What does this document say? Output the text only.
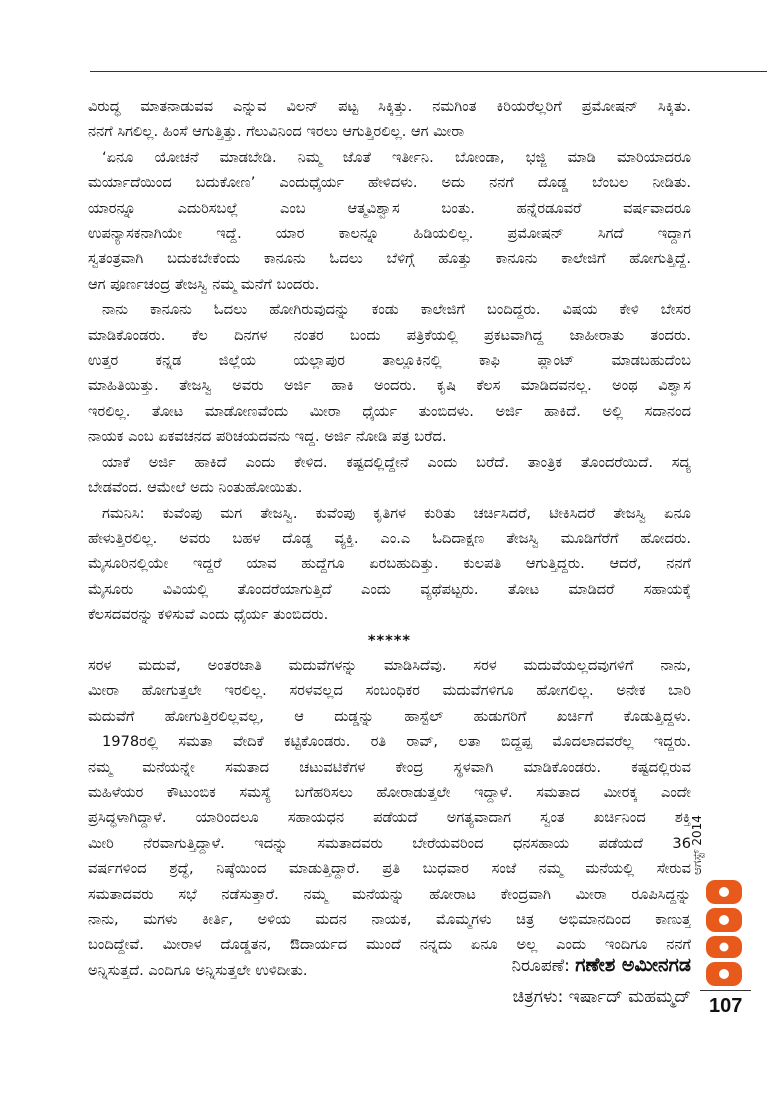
ವಿರುದ್ಧ ಮಾತನಾಡುವವ ಎನ್ನುವ ವಿಲನ್ ಪಟ್ಟ ಸಿಕ್ಕಿತ್ತು. ನಮಗಿಂತ ಕಿರಿಯರೆಲ್ಲರಿಗೆ ಪ್ರಮೋಷನ್ ಸಿಕ್ಕಿತು.
ನನಗೆ ಸಿಗಲಿಲ್ಲ. ಹಿಂಸೆ ಆಗುತ್ತಿತ್ತು. ಗೆಲುವಿನಿಂದ ಇರಲು ಆಗುತ್ತಿರಲಿಲ್ಲ. ಆಗ ಮೀರಾ
‘ಏನೂ ಯೋಚನೆ ಮಾಡಬೇಡಿ. ನಿಮ್ಮ ಜೊತೆ ಇರ್ತೀನಿ. ಬೋಂಡಾ, ಭಜ್ಜಿ ಮಾಡಿ ಮಾರಿಯಾದರೂ
ಮರ್ಯಾದೆಯಿಂದ ಬದುಕೋಣ’ ಎಂದುಧೈರ್ಯ ಹೇಳಿದಳು. ಅದು ನನಗೆ ದೊಡ್ಡ ಬೆಂಬಲ ನೀಡಿತು.
ಯಾರನ್ನೂ ಎದುರಿಸಬಲ್ಲೆ ಎಂಬ ಆತ್ಮವಿಶ್ವಾಸ ಬಂತು. ಹನ್ನೆರಡೂವರೆ ವರ್ಷವಾದರೂ
ಉಪನ್ಯಾಸಕನಾಗಿಯೇ ಇದ್ದೆ. ಯಾರ ಕಾಲನ್ನೂ ಹಿಡಿಯಲಿಲ್ಲ. ಪ್ರಮೋಷನ್ ಸಿಗದೆ ಇದ್ದಾಗ
ಸ್ವತಂತ್ರವಾಗಿ ಬದುಕಬೇಕೆಂದು ಕಾನೂನು ಓದಲು ಬೆಳಿಗ್ಗೆ ಹೊತ್ತು ಕಾನೂನು ಕಾಲೇಜಿಗೆ ಹೋಗುತ್ತಿದ್ದೆ.
ಆಗ ಪೂರ್ಣಚಂದ್ರ ತೇಜಸ್ವಿ ನಮ್ಮ ಮನೆಗೆ ಬಂದರು.
ನಾನು ಕಾನೂನು ಓದಲು ಹೋಗಿರುವುದನ್ನು ಕಂಡು ಕಾಲೇಜಿಗೆ ಬಂದಿದ್ದರು. ವಿಷಯ ಕೇಳಿ ಬೇಸರ
ಮಾಡಿಕೊಂಡರು. ಕೆಲ ದಿನಗಳ ನಂತರ ಬಂದು ಪತ್ರಿಕೆಯಲ್ಲಿ ಪ್ರಕಟವಾಗಿದ್ದ ಜಾಹೀರಾತು ತಂದರು.
ಉತ್ತರ ಕನ್ನಡ ಜಿಲ್ಲೆಯ ಯಲ್ಲಾಪುರ ತಾಲ್ಲೂಕಿನಲ್ಲಿ ಕಾಫಿ ಪ್ಲಾಂಟ್ ಮಾಡಬಹುದೆಂಬ
ಮಾಹಿತಿಯಿತ್ತು. ತೇಜಸ್ವಿ ಅವರು ಅರ್ಜಿ ಹಾಕಿ ಅಂದರು. ಕೃಷಿ ಕೆಲಸ ಮಾಡಿದವನಲ್ಲ. ಅಂಥ ವಿಶ್ವಾಸ
ಇರಲಿಲ್ಲ. ತೋಟ ಮಾಡೋಣವೆಂದು ಮೀರಾ ಧೈರ್ಯ ತುಂಬಿದಳು. ಅರ್ಜಿ ಹಾಕಿದೆ. ಅಲ್ಲಿ ಸದಾನಂದ
ನಾಯಕ ಎಂಬ ಏಕವಚನದ ಪರಿಚಯದವನು ಇದ್ದ. ಅರ್ಜಿ ನೋಡಿ ಪತ್ರ ಬರೆದ.
ಯಾಕೆ ಅರ್ಜಿ ಹಾಕಿದೆ ಎಂದು ಕೇಳಿದ. ಕಷ್ಟದಲ್ಲಿದ್ದೇನೆ ಎಂದು ಬರೆದೆ. ತಾಂತ್ರಿಕ ತೊಂದರೆಯಿದೆ. ಸದ್ಯ
ಬೇಡವೆಂದ. ಆಮೇಲೆ ಅದು ನಿಂತುಹೋಯಿತು.
ಗಮನಿಸಿ: ಕುವೆಂಪು ಮಗ ತೇಜಸ್ವಿ. ಕುವೆಂಪು ಕೃತಿಗಳ ಕುರಿತು ಚರ್ಚಿಸಿದರೆ, ಟೀಕಿಸಿದರೆ ತೇಜಸ್ವಿ ಏನೂ
ಹೇಳುತ್ತಿರಲಿಲ್ಲ. ಅವರು ಬಹಳ ದೊಡ್ಡ ವ್ಯಕ್ತಿ. ಎಂ.ಎ ಓದಿದಾಕ್ಷಣ ತೇಜಸ್ವಿ ಮೂಡಿಗೆರೆಗೆ ಹೋದರು.
ಮೈಸೂರಿನಲ್ಲಿಯೇ ಇದ್ದರೆ ಯಾವ ಹುದ್ದೆಗೂ ಏರಬಹುದಿತ್ತು. ಕುಲಪತಿ ಆಗುತ್ತಿದ್ದರು. ಆದರೆ, ನನಗೆ
ಮೈಸೂರು ವಿವಿಯಲ್ಲಿ ತೊಂದರೆಯಾಗುತ್ತಿದೆ ಎಂದು ವ್ಯಥೆಪಟ್ಟರು. ತೋಟ ಮಾಡಿದರೆ ಸಹಾಯಕ್ಕೆ
ಕೆಲಸದವರನ್ನು ಕಳಿಸುವೆ ಎಂದು ಧೈರ್ಯ ತುಂಬಿದರು.
*****
ಸರಳ ಮದುವೆ, ಅಂತರಜಾತಿ ಮದುವೆಗಳನ್ನು ಮಾಡಿಸಿದೆವು. ಸರಳ ಮದುವೆಯಲ್ಲದವುಗಳಿಗೆ ನಾನು,
ಮೀರಾ ಹೋಗುತ್ತಲೇ ಇರಲಿಲ್ಲ. ಸರಳವಲ್ಲದ ಸಂಬಂಧಿಕರ ಮದುವೆಗಳಿಗೂ ಹೋಗಲಿಲ್ಲ. ಅನೇಕ ಬಾರಿ
ಮದುವೆಗೆ ಹೋಗುತ್ತಿರಲಿಲ್ಲವಲ್ಲ, ಆ ದುಡ್ಡನ್ನು ಹಾಸ್ಟೆಲ್ ಹುಡುಗರಿಗೆ ಖರ್ಚಿಗೆ ಕೊಡುತ್ತಿದ್ದಳು.
1978ರಲ್ಲಿ ಸಮತಾ ವೇದಿಕೆ ಕಟ್ಟಿಕೊಂಡರು. ರತಿ ರಾವ್, ಲತಾ ಬಿದ್ದಪ್ಪ ಮೊದಲಾದವರೆಲ್ಲ ಇದ್ದರು.
ನಮ್ಮ ಮನೆಯನ್ನೇ ಸಮತಾದ ಚಟುವಟಿಕೆಗಳ ಕೇಂದ್ರ ಸ್ಥಳವಾಗಿ ಮಾಡಿಕೊಂಡರು. ಕಷ್ಟದಲ್ಲಿರುವ
ಮಹಿಳೆಯರ ಕೌಟುಂಬಿಕ ಸಮಸ್ಯೆ ಬಗೆಹರಿಸಲು ಹೋರಾಡುತ್ತಲೇ ಇದ್ದಾಳೆ. ಸಮತಾದ ಮೀರಕ್ಕ ಎಂದೇ
ಪ್ರಸಿದ್ಧಳಾಗಿದ್ದಾಳೆ. ಯಾರಿಂದಲೂ ಸಹಾಯಧನ ಪಡೆಯದೆ ಅಗತ್ಯವಾದಾಗ ಸ್ವಂತ ಖರ್ಚಿನಿಂದ ಶಕ್ತಿ
ಮೀರಿ ನೆರವಾಗುತ್ತಿದ್ದಾಳೆ. ಇದನ್ನು ಸಮತಾದವರು ಬೇರೆಯವರಿಂದ ಧನಸಹಾಯ ಪಡೆಯದೆ 36
ವರ್ಷಗಳಿಂದ ಶ್ರದ್ಧೆ, ನಿಷ್ಠೆಯಿಂದ ಮಾಡುತ್ತಿದ್ದಾರೆ. ಪ್ರತಿ ಬುಧವಾರ ಸಂಜೆ ನಮ್ಮ ಮನೆಯಲ್ಲಿ ಸೇರುವ
ಸಮತಾದವರು ಸಭೆ ನಡೆಸುತ್ತಾರೆ. ನಮ್ಮ ಮನೆಯನ್ನು ಹೋರಾಟ ಕೇಂದ್ರವಾಗಿ ಮೀರಾ ರೂಪಿಸಿದ್ದನ್ನು
ನಾನು, ಮಗಳು ಕೀರ್ತಿ, ಅಳಿಯ ಮದನ ನಾಯಕ, ಮೊಮ್ಮಗಳು ಚಿತ್ರ ಅಭಿಮಾನದಿಂದ ಕಾಣುತ್ತ
ಬಂದಿದ್ದೇವೆ. ಮೀರಾಳ ದೊಡ್ಡತನ, ಔದಾರ್ಯದ ಮುಂದೆ ನನ್ನದು ಏನೂ ಅಲ್ಲ ಎಂದು ಇಂದಿಗೂ ನನಗೆ
ಅನ್ನಿಸುತ್ತದೆ. ಎಂದಿಗೂ ಅನ್ನಿಸುತ್ತಲೇ ಉಳಿದೀತು.	ನಿರೂಪಣೆ: ಗಣೇಶ ಅಮೀನಗಡ
ಚಿತ್ರಗಳು: ಇರ್ಷಾದ್ ಮಹಮ್ಮದ್
ಮಯೂರ
ಆಗಸ್ಟ್ 2014
107
